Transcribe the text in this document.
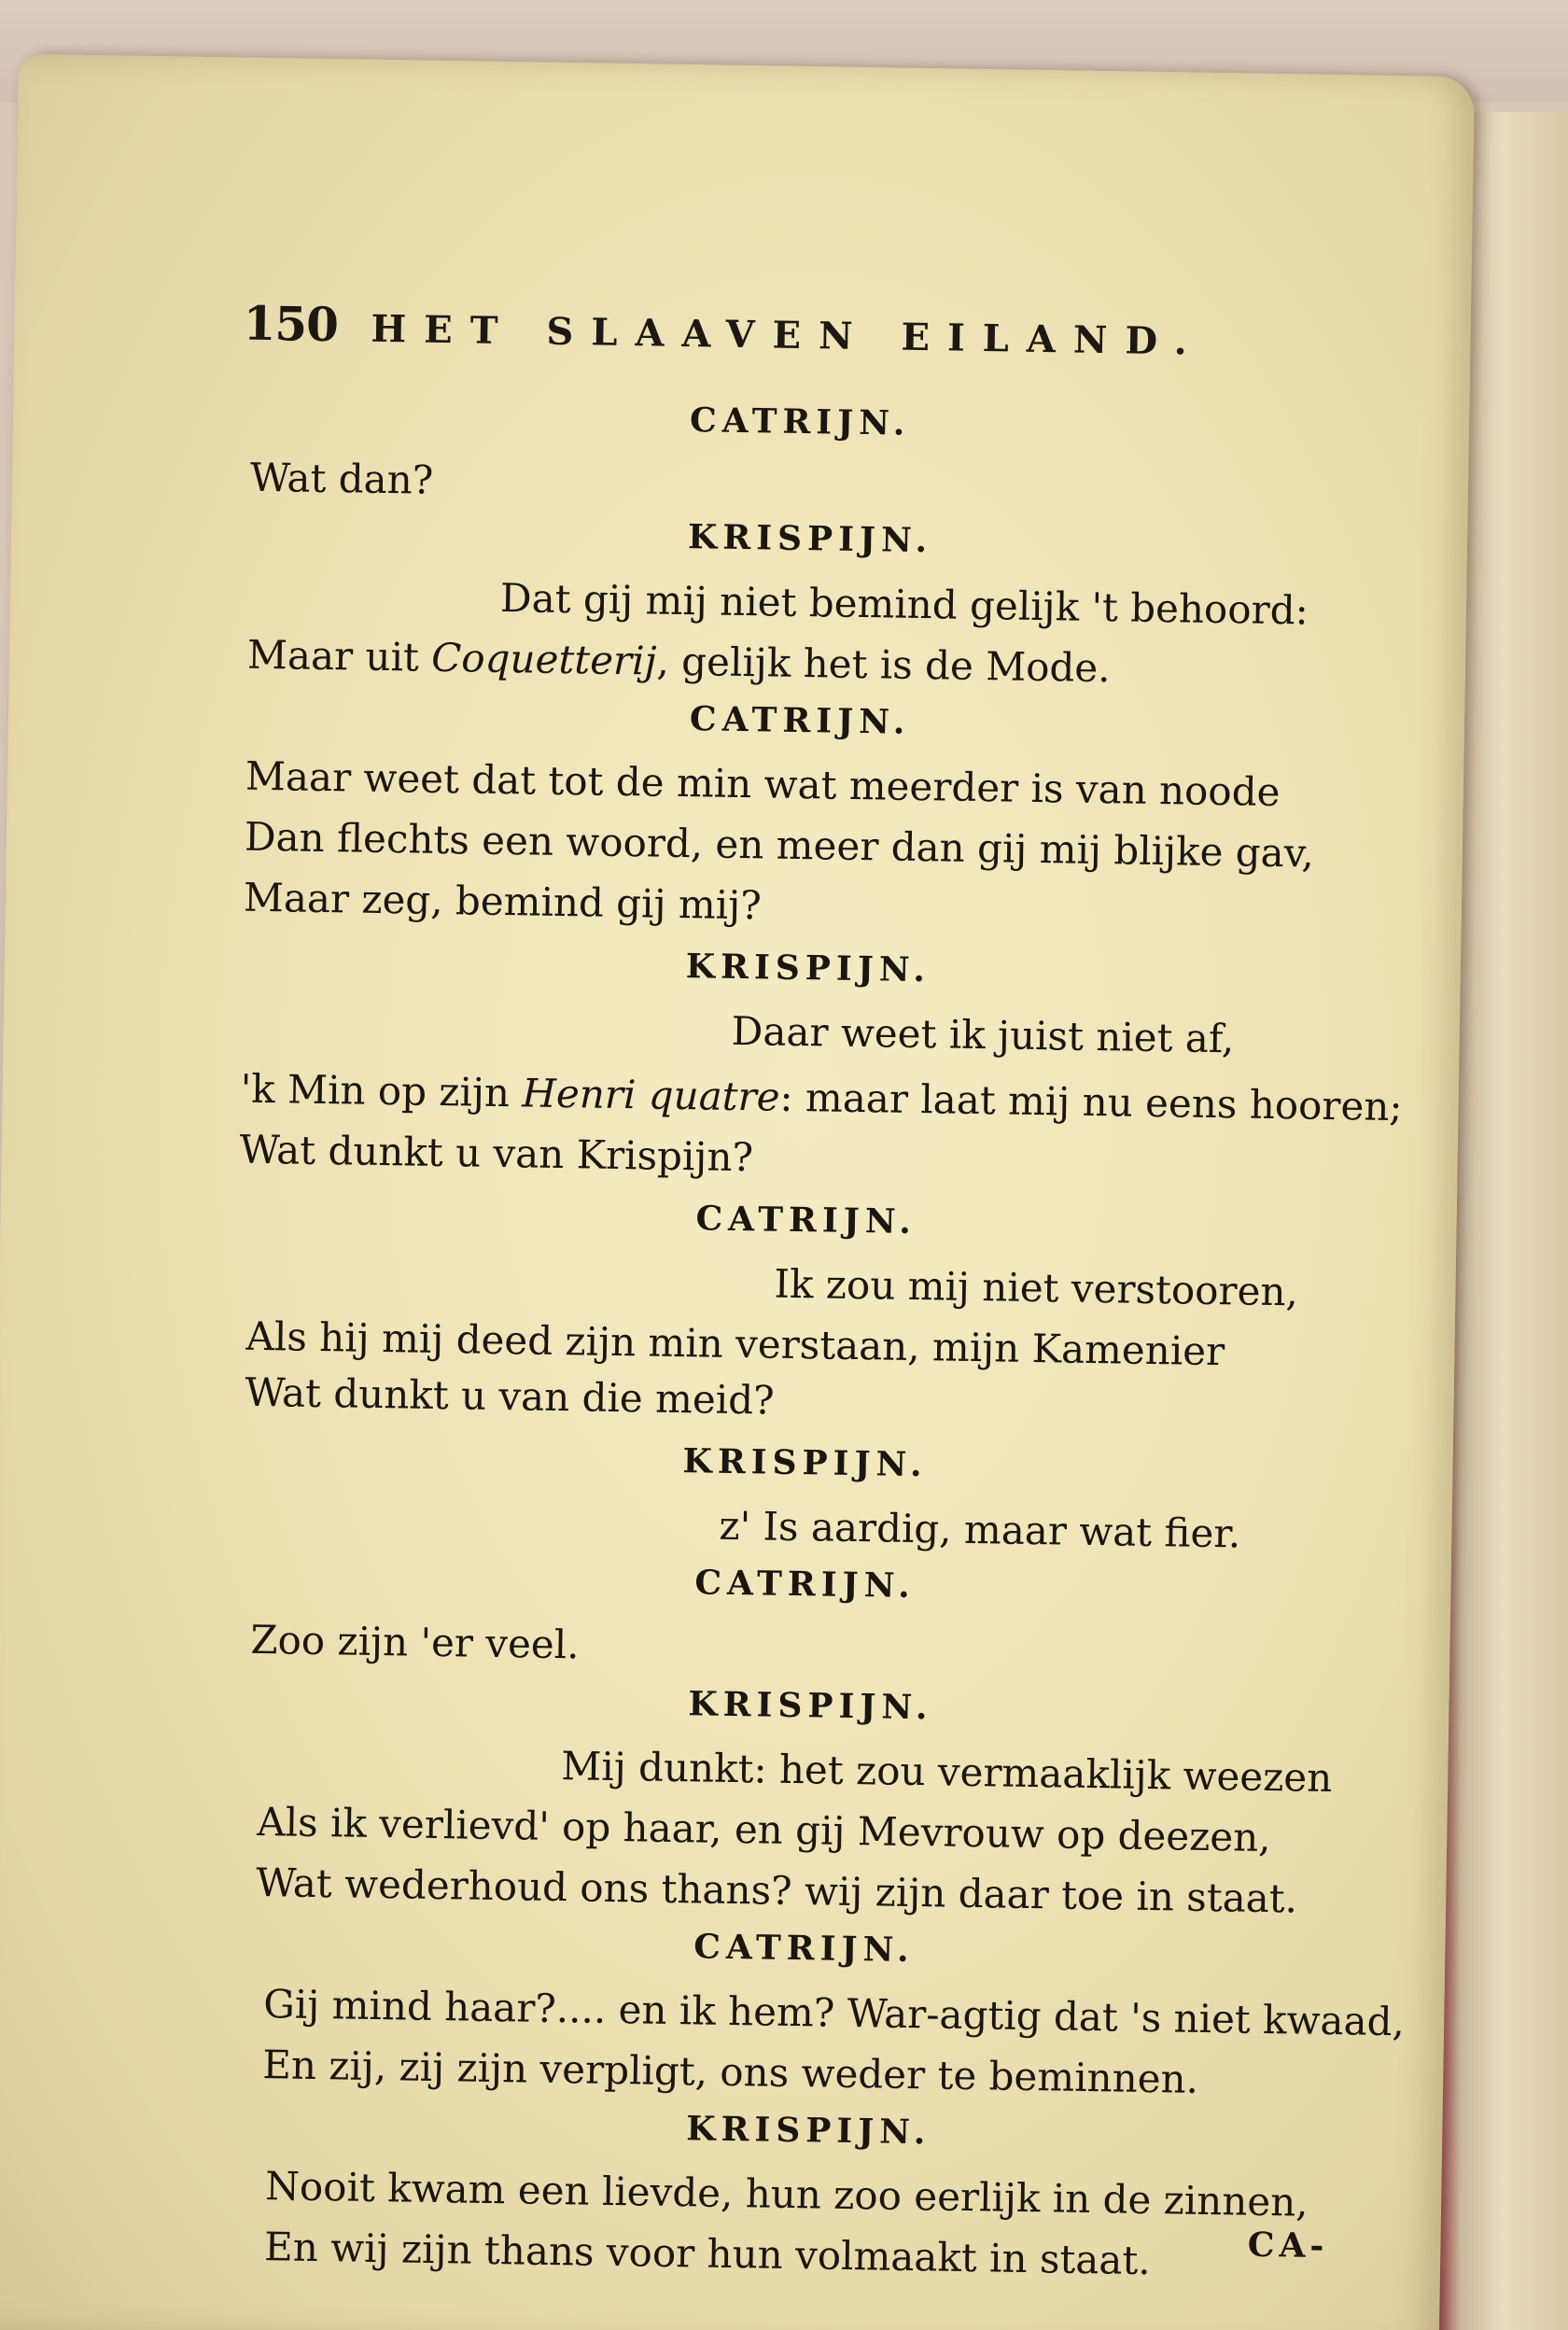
150 HET SLAAVEN EILAND.
CATRIJN.
Wat dan?
KRISPIJN.
Dat gij mij niet bemind gelijk 't behoord:
Maar uit Coquetterij, gelijk het is de Mode.
CATRIJN.
Maar weet dat tot de min wat meerder is van noode
Dan flechts een woord, en meer dan gij mij blijke gav,
Maar zeg, bemind gij mij?
KRISPIJN.
Daar weet ik juist niet af,
'k Min op zijn Henri quatre: maar laat mij nu eens hooren;
Wat dunkt u van Krispijn?
CATRIJN.
Ik zou mij niet verstooren,
Als hij mij deed zijn min verstaan, mijn Kamenier
Wat dunkt u van die meid?
KRISPIJN.
z' Is aardig, maar wat fier.
CATRIJN.
Zoo zijn 'er veel.
KRISPIJN.
Mij dunkt: het zou vermaaklijk weezen
Als ik verlievd' op haar, en gij Mevrouw op deezen,
Wat wederhoud ons thans? wij zijn daar toe in staat.
CATRIJN.
Gij mind haar?.... en ik hem? War-agtig dat 's niet kwaad,
En zij, zij zijn verpligt, ons weder te beminnen.
KRISPIJN.
Nooit kwam een lievde, hun zoo eerlijk in de zinnen,
En wij zijn thans voor hun volmaakt in staat.	CA-
